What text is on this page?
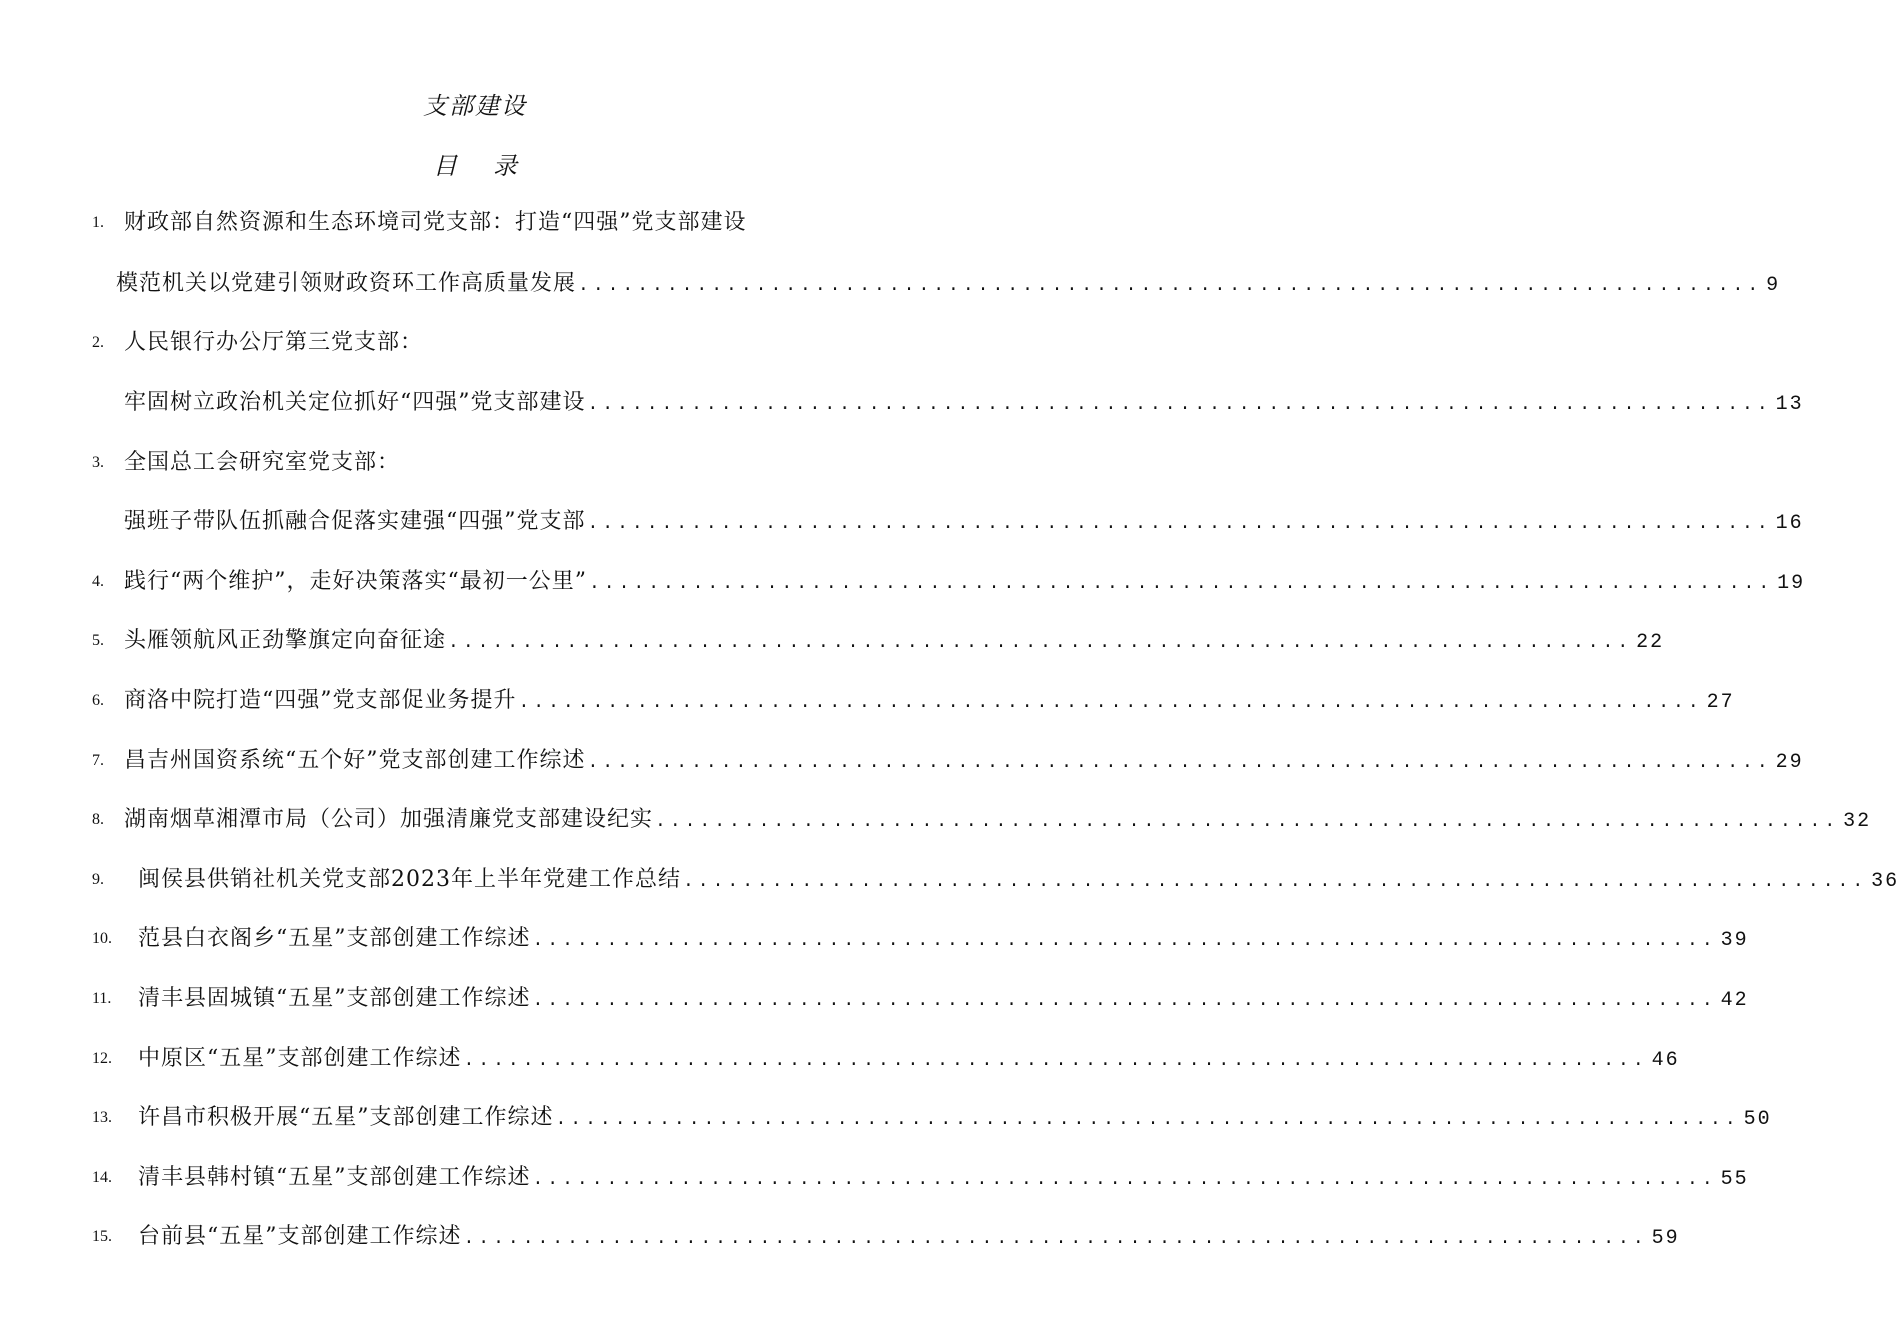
支部建设
目 录
1. 财政部自然资源和生态环境司党支部：打造“四强”党支部建设
模范机关以党建引领财政资环工作高质量发展 ................................................................................ 9
2. 人民银行办公厅第三党支部：
牢固树立政治机关定位抓好“四强”党支部建设 ................................................................................ 13
3. 全国总工会研究室党支部：
强班子带队伍抓融合促落实建强“四强”党支部 ................................................................................ 16
4. 践行“两个维护”，走好决策落实“最初一公里” ................................................................................ 19
5. 头雁领航风正劲擎旗定向奋征途 ................................................................................ 22
6. 商洛中院打造“四强”党支部促业务提升 ................................................................................ 27
7. 昌吉州国资系统“五个好”党支部创建工作综述 ................................................................................ 29
8. 湖南烟草湘潭市局（公司）加强清廉党支部建设纪实 ................................................................................ 32
9. 闽侯县供销社机关党支部2023年上半年党建工作总结 ................................................................................ 36
10. 范县白衣阁乡“五星”支部创建工作综述 ................................................................................ 39
11. 清丰县固城镇“五星”支部创建工作综述 ................................................................................ 42
12. 中原区“五星”支部创建工作综述 ................................................................................ 46
13. 许昌市积极开展“五星”支部创建工作综述 ................................................................................ 50
14. 清丰县韩村镇“五星”支部创建工作综述 ................................................................................ 55
15. 台前县“五星”支部创建工作综述 ................................................................................ 59
